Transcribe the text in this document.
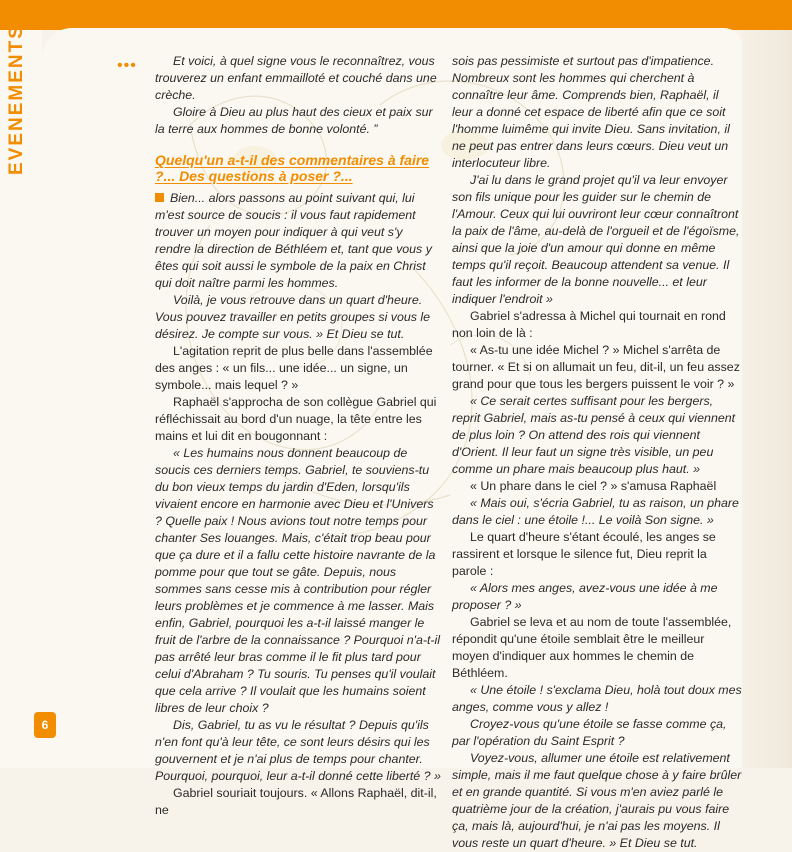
EVENEMENTS	•••	Et voici, à quel signe vous le reconnaîtrez, vous trouverez un enfant emmailloté et couché dans une crèche.

Gloire à Dieu au plus haut des cieux et paix sur la terre aux hommes de bonne volonté. ”

Quelqu'un a-t-il des commentaires à faire ?... Des questions à poser ?...

Bien... alors passons au point suivant qui, lui m'est source de soucis : il vous faut rapidement trouver un moyen pour indiquer à qui veut s'y rendre la direction de Béthléem et, tant que vous y êtes qui soit aussi le symbole de la paix en Christ qui doit naître parmi les hommes.

Voilà, je vous retrouve dans un quart d'heure. Vous pouvez travailler en petits groupes si vous le désirez. Je compte sur vous. » Et Dieu se tut.

L'agitation reprit de plus belle dans l'assemblée des anges : « un fils... une idée... un signe, un symbole... mais lequel ? »

Raphaël s'approcha de son collègue Gabriel qui réfléchissait au bord d'un nuage, la tête entre les mains et lui dit en bougonnant :

« Les humains nous donnent beaucoup de soucis ces derniers temps. Gabriel, te souviens-tu du bon vieux temps du jardin d'Eden, lorsqu'ils vivaient encore en harmonie avec Dieu et l'Univers ? Quelle paix ! Nous avions tout notre temps pour chanter Ses louanges. Mais, c'était trop beau pour que ça dure et il a fallu cette histoire navrante de la pomme pour que tout se gâte. Depuis, nous sommes sans cesse mis à contribution pour régler leurs problèmes et je commence à me lasser. Mais enfin, Gabriel, pourquoi les a-t-il laissé manger le fruit de l'arbre de la connaissance ? Pourquoi n'a-t-il pas arrêté leur bras comme il le fit plus tard pour celui d'Abraham ? Tu souris. Tu penses qu'il voulait que cela arrive ? Il voulait que les humains soient libres de leur choix ?

Dis, Gabriel, tu as vu le résultat ? Depuis qu'ils n'en font qu'à leur tête, ce sont leurs désirs qui les gouvernent et je n'ai plus de temps pour chanter. Pourquoi, pourquoi, leur a-t-il donné cette liberté ? »

Gabriel souriait toujours. « Allons Raphaël, dit-il, ne

sois pas pessimiste et surtout pas d'impatience. Nombreux sont les hommes qui cherchent à connaître leur âme. Comprends bien, Raphaël, il leur a donné cet espace de liberté afin que ce soit l'homme luimême qui invite Dieu. Sans invitation, il ne peut pas entrer dans leurs cœurs. Dieu veut un interlocuteur libre.

J'ai lu dans le grand projet qu'il va leur envoyer son fils unique pour les guider sur le chemin de l'Amour. Ceux qui lui ouvriront leur cœur connaîtront la paix de l'âme, au-delà de l'orgueil et de l'égoïsme, ainsi que la joie d'un amour qui donne en même temps qu'il reçoit. Beaucoup attendent sa venue. Il faut les informer de la bonne nouvelle... et leur indiquer l'endroit »

Gabriel s'adressa à Michel qui tournait en rond non loin de là :

« As-tu une idée Michel ? » Michel s'arrêta de tourner. « Et si on allumait un feu, dit-il, un feu assez grand pour que tous les bergers puissent le voir ? »

« Ce serait certes suffisant pour les bergers, reprit Gabriel, mais as-tu pensé à ceux qui viennent de plus loin ? On attend des rois qui viennent d'Orient. Il leur faut un signe très visible, un peu comme un phare mais beaucoup plus haut. »

« Un phare dans le ciel ? » s'amusa Raphaël

« Mais oui, s'écria Gabriel, tu as raison, un phare dans le ciel : une étoile !... Le voilà Son signe. »

Le quart d'heure s'étant écoulé, les anges se rassirent et lorsque le silence fut, Dieu reprit la parole :

« Alors mes anges, avez-vous une idée à me proposer ? »

Gabriel se leva et au nom de toute l'assemblée, répondit qu'une étoile semblait être le meilleur moyen d'indiquer aux hommes le chemin de Béthléem.

« Une étoile ! s'exclama Dieu, holà tout doux mes anges, comme vous y allez !

Croyez-vous qu'une étoile se fasse comme ça, par l'opération du Saint Esprit ?

Voyez-vous, allumer une étoile est relativement simple, mais il me faut quelque chose à y faire brûler et en grande quantité. Si vous m'en aviez parlé le quatrième jour de la création, j'aurais pu vous faire ça, mais là, aujourd'hui, je n'ai pas les moyens. Il vous reste un quart d'heure. » Et Dieu se tut.

6
